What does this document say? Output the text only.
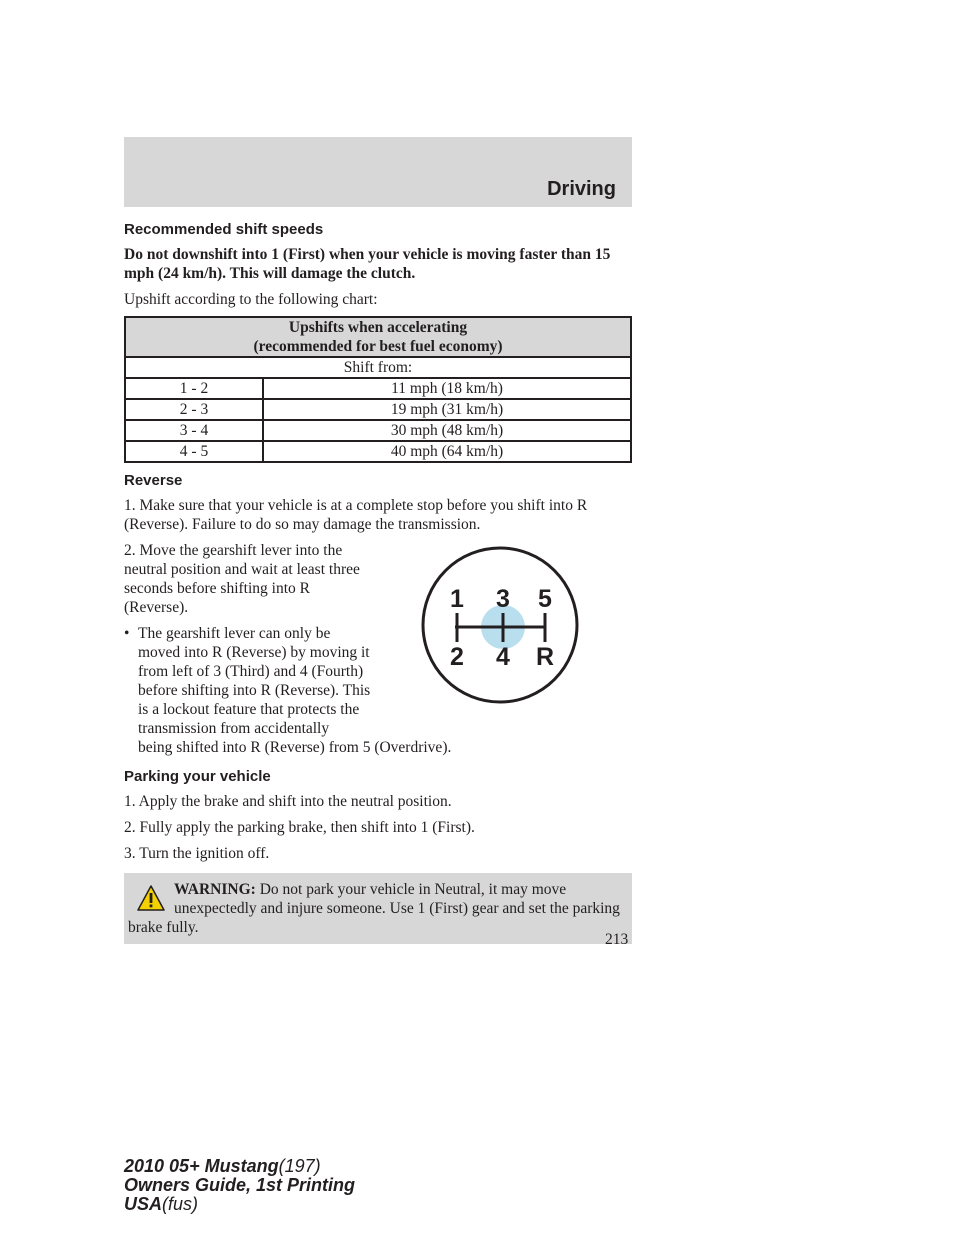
Driving
Recommended shift speeds

Do not downshift into 1 (First) when your vehicle is moving faster than 15 mph (24 km/h). This will damage the clutch.

Upshift according to the following chart:

Upshifts when accelerating
(recommended for best fuel economy)	
Shift from:	
1 - 2	11 mph (18 km/h)
2 - 3	19 mph (31 km/h)
3 - 4	30 mph (48 km/h)
4 - 5	40 mph (64 km/h)
Reverse

1. Make sure that your vehicle is at a complete stop before you shift into R (Reverse). Failure to do so may damage the transmission.

2. Move the gearshift lever into the neutral position and wait at least three seconds before shifting into R (Reverse).

• The gearshift lever can only be moved into R (Reverse) by moving it from left of 3 (Third) and 4 (Fourth) before shifting into R (Reverse). This is a lockout feature that protects the transmission from accidentally
being shifted into R (Reverse) from 5 (Overdrive).
1 3 5
2 4 R
Parking your vehicle

1. Apply the brake and shift into the neutral position.

2. Fully apply the parking brake, then shift into 1 (First).

3. Turn the ignition off.

WARNING: Do not park your vehicle in Neutral, it may move
unexpectedly and injure someone. Use 1 (First) gear and set the parking brake fully.
213
2010 05+ Mustang(197)
Owners Guide, 1st Printing
USA(fus)
